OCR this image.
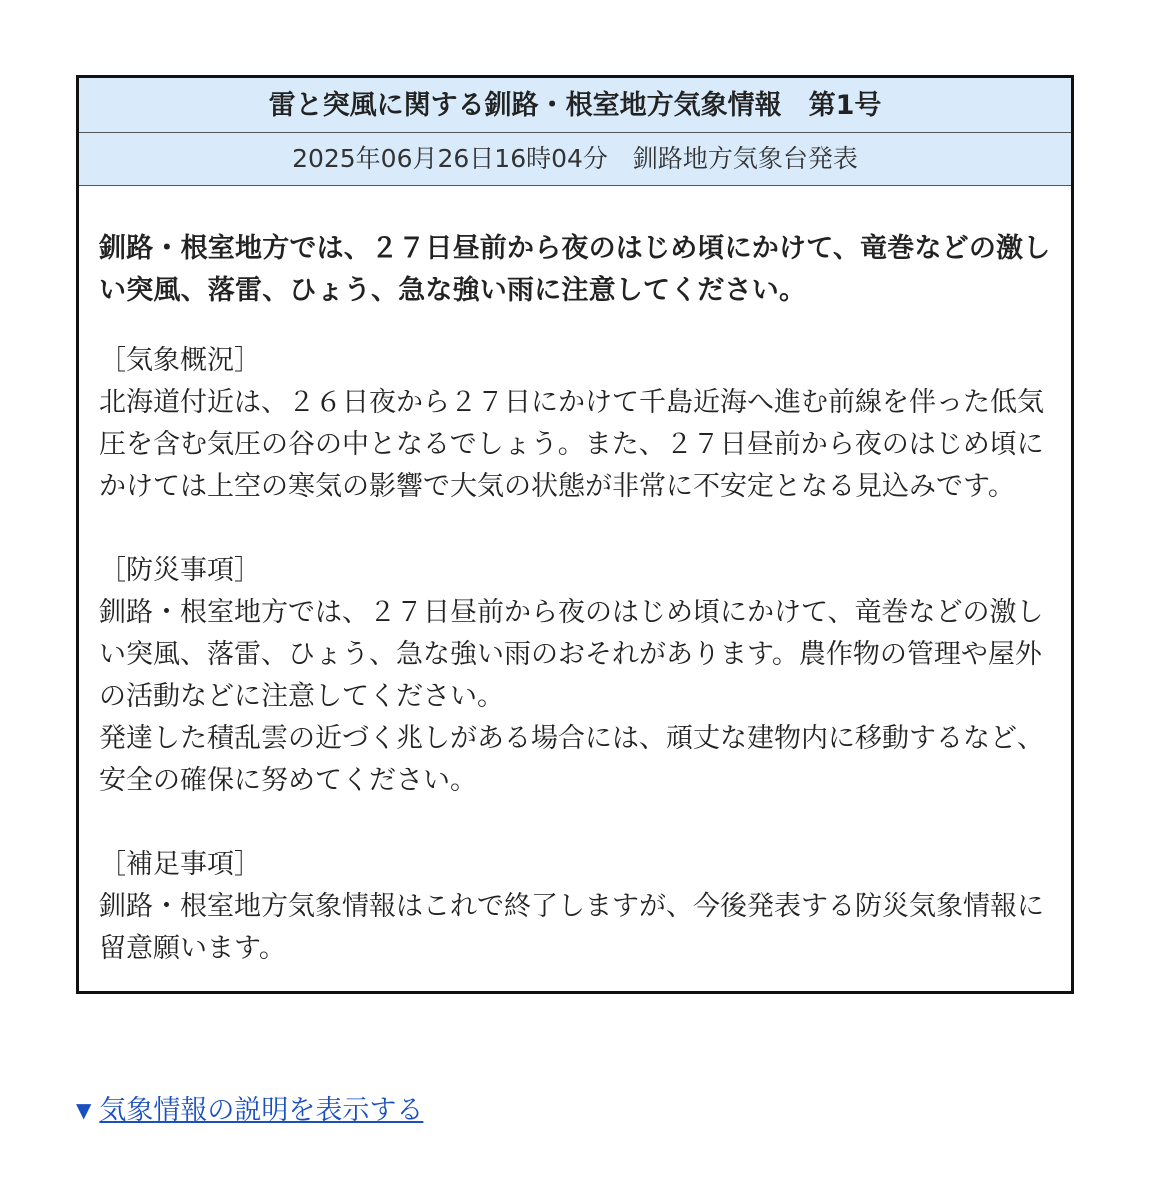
雷と突風に関する釧路・根室地方気象情報　第1号
2025年06月26日16時04分　釧路地方気象台発表
釧路・根室地方では、２７日昼前から夜のはじめ頃にかけて、竜巻などの激しい突風、落雷、ひょう、急な強い雨に注意してください。
［気象概況］

北海道付近は、２６日夜から２７日にかけて千島近海へ進む前線を伴った低気圧を含む気圧の谷の中となるでしょう。また、２７日昼前から夜のはじめ頃にかけては上空の寒気の影響で大気の状態が非常に不安定となる見込みです。

［防災事項］

釧路・根室地方では、２７日昼前から夜のはじめ頃にかけて、竜巻などの激しい突風、落雷、ひょう、急な強い雨のおそれがあります。農作物の管理や屋外の活動などに注意してください。

発達した積乱雲の近づく兆しがある場合には、頑丈な建物内に移動するなど、安全の確保に努めてください。

［補足事項］

釧路・根室地方気象情報はこれで終了しますが、今後発表する防災気象情報に留意願います。

▼ 気象情報の説明を表示する
